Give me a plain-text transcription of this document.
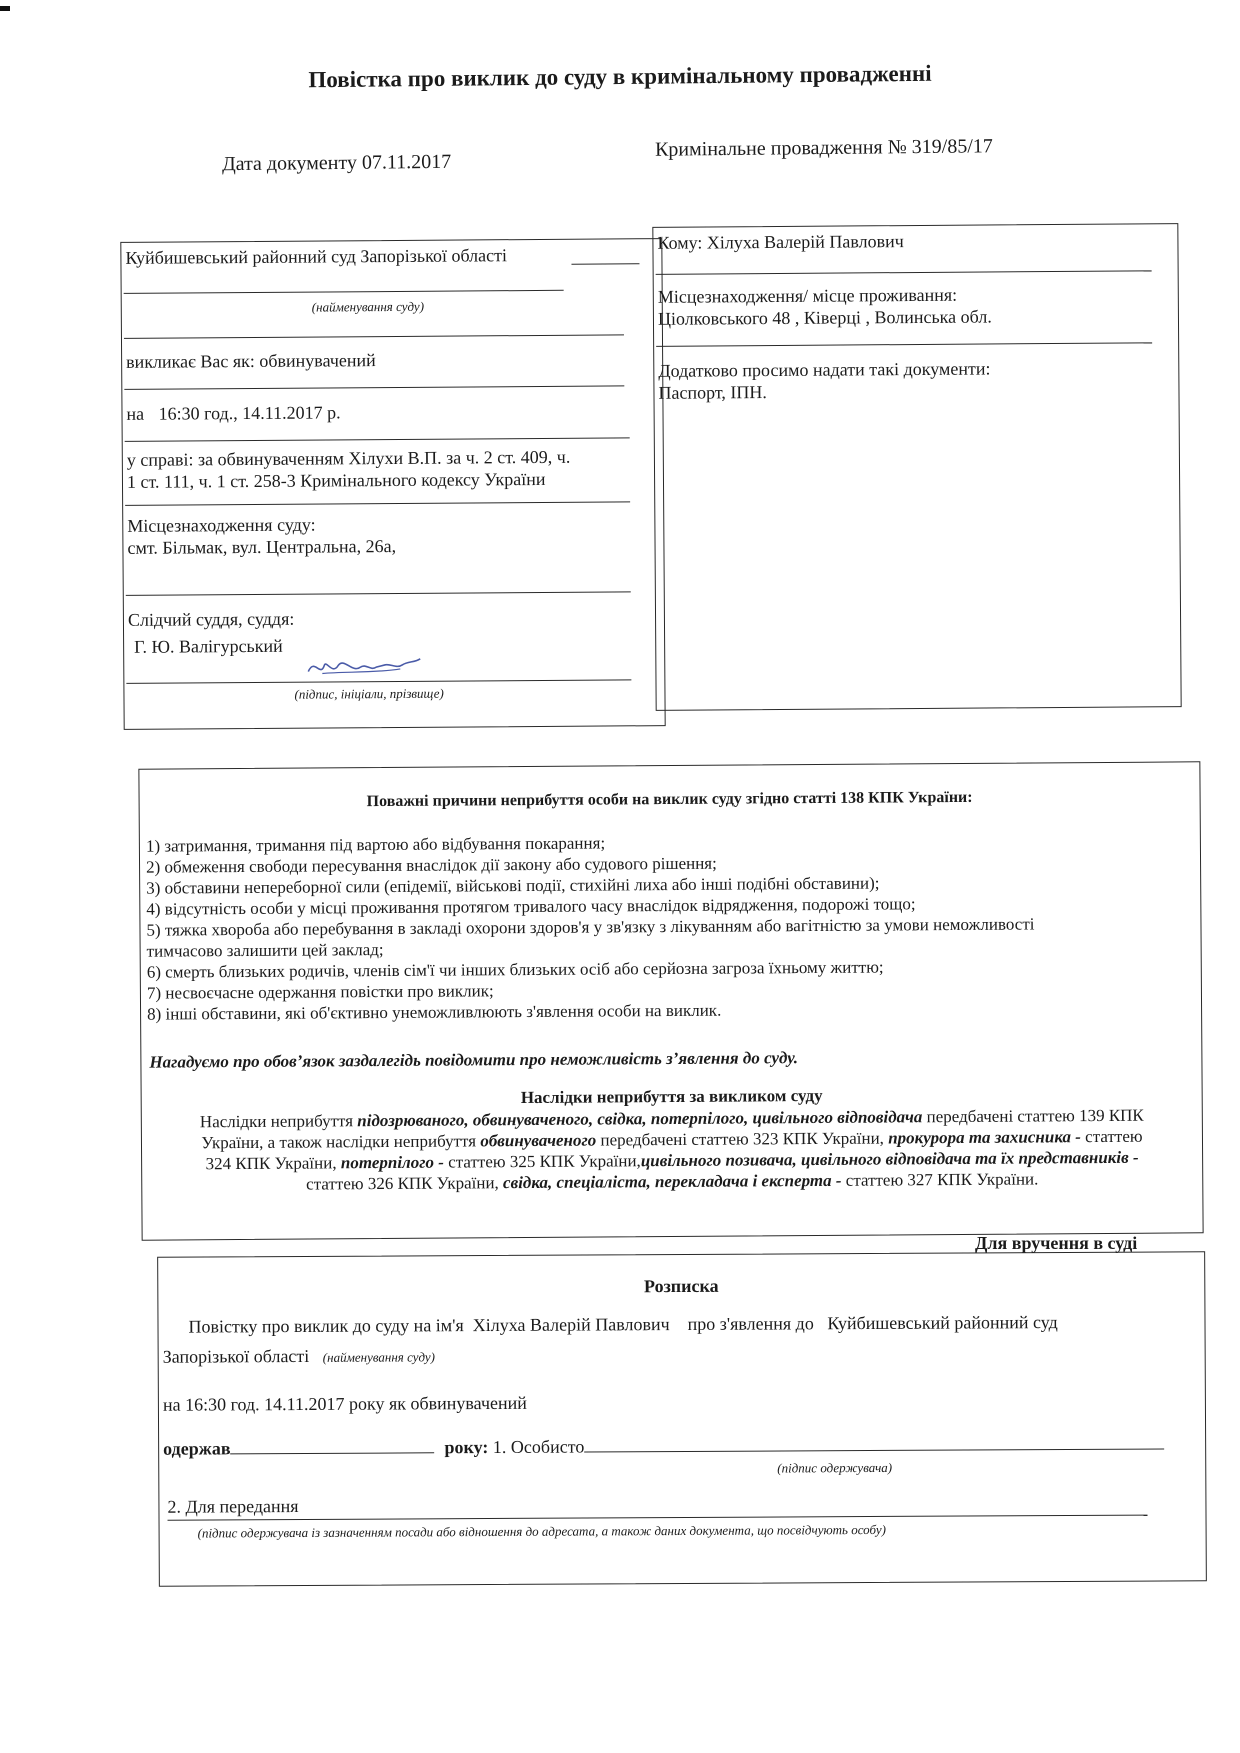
Повістка про виклик до суду в кримінальному провадженні
Дата документу 07.11.2017
Кримінальне провадження № 319/85/17
Куйбишевський районний суд Запорізької області
(найменування суду)
викликає Вас як: обвинувачений
на 16:30 год., 14.11.2017 р.
у справі: за обвинуваченням Хілухи В.П. за ч. 2 ст. 409, ч.
1 ст. 111, ч. 1 ст. 258-3 Кримінального кодексу України
Місцезнаходження суду:
смт. Більмак, вул. Центральна, 26а,
Слідчий суддя, суддя:
Г. Ю. Валігурський
(підпис, ініціали, прізвище)
Кому: Хілуха Валерій Павлович
Місцезнаходження/ місце проживання:
Ціолковського 48 , Ківерці , Волинська обл.
Додатково просимо надати такі документи:
Паспорт, ІПН.
Поважні причини неприбуття особи на виклик суду згідно статті 138 КПК України:
1) затримання, тримання під вартою або відбування покарання;
2) обмеження свободи пересування внаслідок дії закону або судового рішення;
3) обставини непереборної сили (епідемії, військові події, стихійні лиха або інші подібні обставини);
4) відсутність особи у місці проживання протягом тривалого часу внаслідок відрядження, подорожі тощо;
5) тяжка хвороба або перебування в закладі охорони здоров'я у зв'язку з лікуванням або вагітністю за умови неможливості
тимчасово залишити цей заклад;
6) смерть близьких родичів, членів сім'ї чи інших близьких осіб або серйозна загроза їхньому життю;
7) несвоєчасне одержання повістки про виклик;
8) інші обставини, які об'єктивно унеможливлюють з'явлення особи на виклик.
Нагадуємо про обов’язок заздалегідь повідомити про неможливість з’явлення до суду.
Наслідки неприбуття за викликом суду
Наслідки неприбуття підозрюваного, обвинуваченого, свідка, потерпілого, цивільного відповідача передбачені статтею 139 КПК
України, а також наслідки неприбуття обвинуваченого передбачені статтею 323 КПК України, прокурора та захисника - статтею
324 КПК України, потерпілого - статтею 325 КПК України,цивільного позивача, цивільного відповідача та їх представників -
статтею 326 КПК України, свідка, спеціаліста, перекладача і експерта - статтею 327 КПК України.
Для вручення в суді
Розписка
Повістку про виклик до суду на ім'я Хілуха Валерій Павлович про з'явлення до Куйбишевський районний суд
Запорізької області (найменування суду)
на 16:30 год. 14.11.2017 року як обвинувачений
одержав	року: 1. Особисто
(підпис одержувача)
2. Для передання
(підпис одержувача із зазначенням посади або відношення до адресата, а також даних документа, що посвідчують особу)
